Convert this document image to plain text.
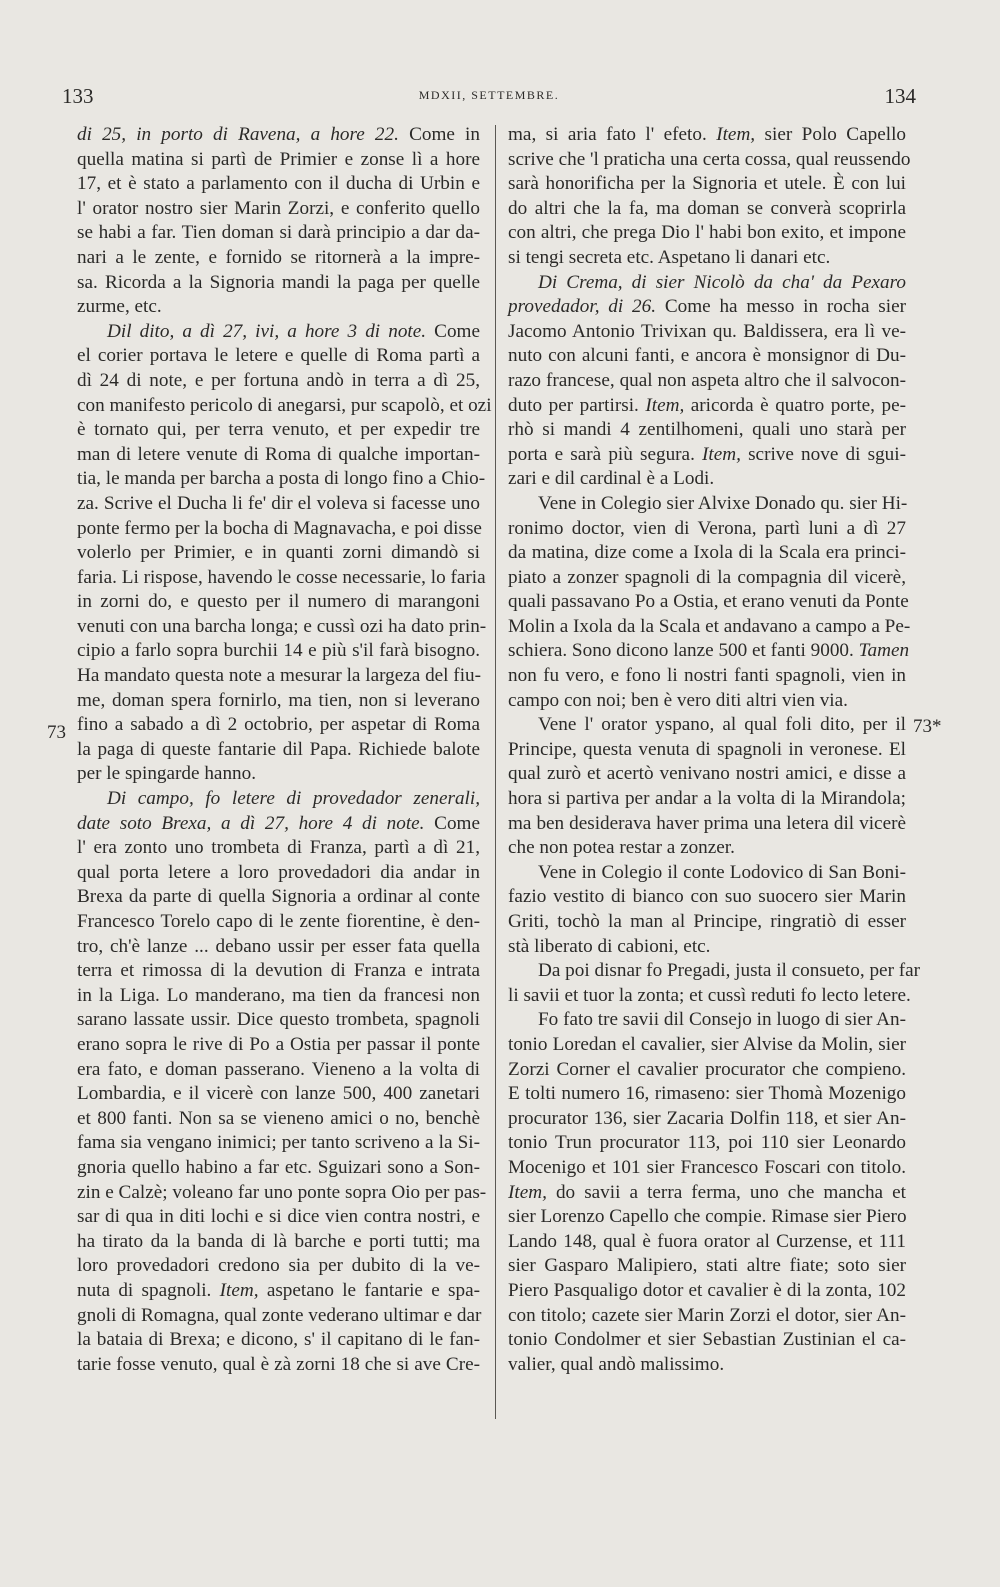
133	MDXII, SETTEMBRE.	134
di 25, in porto di Ravena, a hore 22. Come in
quella matina si partì de Primier e zonse lì a hore
17, et è stato a parlamento con il ducha di Urbin e
l' orator nostro sier Marin Zorzi, e conferito quello
se habi a far. Tien doman si darà principio a dar da-
nari a le zente, e fornido se ritornerà a la impre-
sa. Ricorda a la Signoria mandi la paga per quelle
zurme, etc.
Dil dito, a dì 27, ivi, a hore 3 di note. Come
el corier portava le letere e quelle di Roma partì a
dì 24 di note, e per fortuna andò in terra a dì 25,
con manifesto pericolo di anegarsi, pur scapolò, et ozi
è tornato qui, per terra venuto, et per expedir tre
man di letere venute di Roma di qualche importan-
tia, le manda per barcha a posta di longo fino a Chio-
za. Scrive el Ducha li fe' dir el voleva si facesse uno
ponte fermo per la bocha di Magnavacha, e poi disse
volerlo per Primier, e in quanti zorni dimandò si
faria. Li rispose, havendo le cosse necessarie, lo faria
in zorni do, e questo per il numero di marangoni
venuti con una barcha longa; e cussì ozi ha dato prin-
cipio a farlo sopra burchii 14 e più s'il farà bisogno.
Ha mandato questa note a mesurar la largeza del fiu-
me, doman spera fornirlo, ma tien, non si leverano
fino a sabado a dì 2 octobrio, per aspetar di Roma
la paga di queste fantarie dil Papa. Richiede balote
per le spingarde hanno.
Di campo, fo letere di provedador zenerali,
date soto Brexa, a dì 27, hore 4 di note. Come
l' era zonto uno trombeta di Franza, partì a dì 21,
qual porta letere a loro provedadori dia andar in
Brexa da parte di quella Signoria a ordinar al conte
Francesco Torelo capo di le zente fiorentine, è den-
tro, ch'è lanze ... debano ussir per esser fata quella
terra et rimossa di la devution di Franza e intrata
in la Liga. Lo manderano, ma tien da francesi non
sarano lassate ussir. Dice questo trombeta, spagnoli
erano sopra le rive di Po a Ostia per passar il ponte
era fato, e doman passerano. Vieneno a la volta di
Lombardia, e il vicerè con lanze 500, 400 zanetari
et 800 fanti. Non sa se vieneno amici o no, benchè
fama sia vengano inimici; per tanto scriveno a la Si-
gnoria quello habino a far etc. Sguizari sono a Son-
zin e Calzè; voleano far uno ponte sopra Oio per pas-
sar di qua in diti lochi e si dice vien contra nostri, e
ha tirato da la banda di là barche e porti tutti; ma
loro provedadori credono sia per dubito di la ve-
nuta di spagnoli. Item, aspetano le fantarie e spa-
gnoli di Romagna, qual zonte vederano ultimar e dar
la bataia di Brexa; e dicono, s' il capitano di le fan-
tarie fosse venuto, qual è zà zorni 18 che si ave Cre-
ma, si aria fato l' efeto. Item, sier Polo Capello
scrive che 'l praticha una certa cossa, qual reussendo
sarà honorificha per la Signoria et utele. È con lui
do altri che la fa, ma doman se converà scoprirla
con altri, che prega Dio l' habi bon exito, et impone
si tengi secreta etc. Aspetano li danari etc.
Di Crema, di sier Nicolò da cha' da Pexaro
provedador, di 26. Come ha messo in rocha sier
Jacomo Antonio Trivixan qu. Baldissera, era lì ve-
nuto con alcuni fanti, e ancora è monsignor di Du-
razo francese, qual non aspeta altro che il salvocon-
duto per partirsi. Item, aricorda è quatro porte, pe-
rhò si mandi 4 zentilhomeni, quali uno starà per
porta e sarà più segura. Item, scrive nove di sgui-
zari e dil cardinal è a Lodi.
Vene in Colegio sier Alvixe Donado qu. sier Hi-
ronimo doctor, vien di Verona, partì luni a dì 27
da matina, dize come a Ixola di la Scala era princi-
piato a zonzer spagnoli di la compagnia dil vicerè,
quali passavano Po a Ostia, et erano venuti da Ponte
Molin a Ixola da la Scala et andavano a campo a Pe-
schiera. Sono dicono lanze 500 et fanti 9000. Tamen
non fu vero, e fono li nostri fanti spagnoli, vien in
campo con noi; ben è vero diti altri vien via.
Vene l' orator yspano, al qual foli dito, per il
Principe, questa venuta di spagnoli in veronese. El
qual zurò et acertò venivano nostri amici, e disse a
hora si partiva per andar a la volta di la Mirandola;
ma ben desiderava haver prima una letera dil vicerè
che non potea restar a zonzer.
Vene in Colegio il conte Lodovico di San Boni-
fazio vestito di bianco con suo suocero sier Marin
Griti, tochò la man al Principe, ringratiò di esser
stà liberato di cabioni, etc.
Da poi disnar fo Pregadi, justa il consueto, per far
li savii et tuor la zonta; et cussì reduti fo lecto letere.
Fo fato tre savii dil Consejo in luogo di sier An-
tonio Loredan el cavalier, sier Alvise da Molin, sier
Zorzi Corner el cavalier procurator che compieno.
E tolti numero 16, rimaseno: sier Thomà Mozenigo
procurator 136, sier Zacaria Dolfin 118, et sier An-
tonio Trun procurator 113, poi 110 sier Leonardo
Mocenigo et 101 sier Francesco Foscari con titolo.
Item, do savii a terra ferma, uno che mancha et
sier Lorenzo Capello che compie. Rimase sier Piero
Lando 148, qual è fuora orator al Curzense, et 111
sier Gasparo Malipiero, stati altre fiate; soto sier
Piero Pasqualigo dotor et cavalier è di la zonta, 102
con titolo; cazete sier Marin Zorzi el dotor, sier An-
tonio Condolmer et sier Sebastian Zustinian el ca-
valier, qual andò malissimo.
73	73*
